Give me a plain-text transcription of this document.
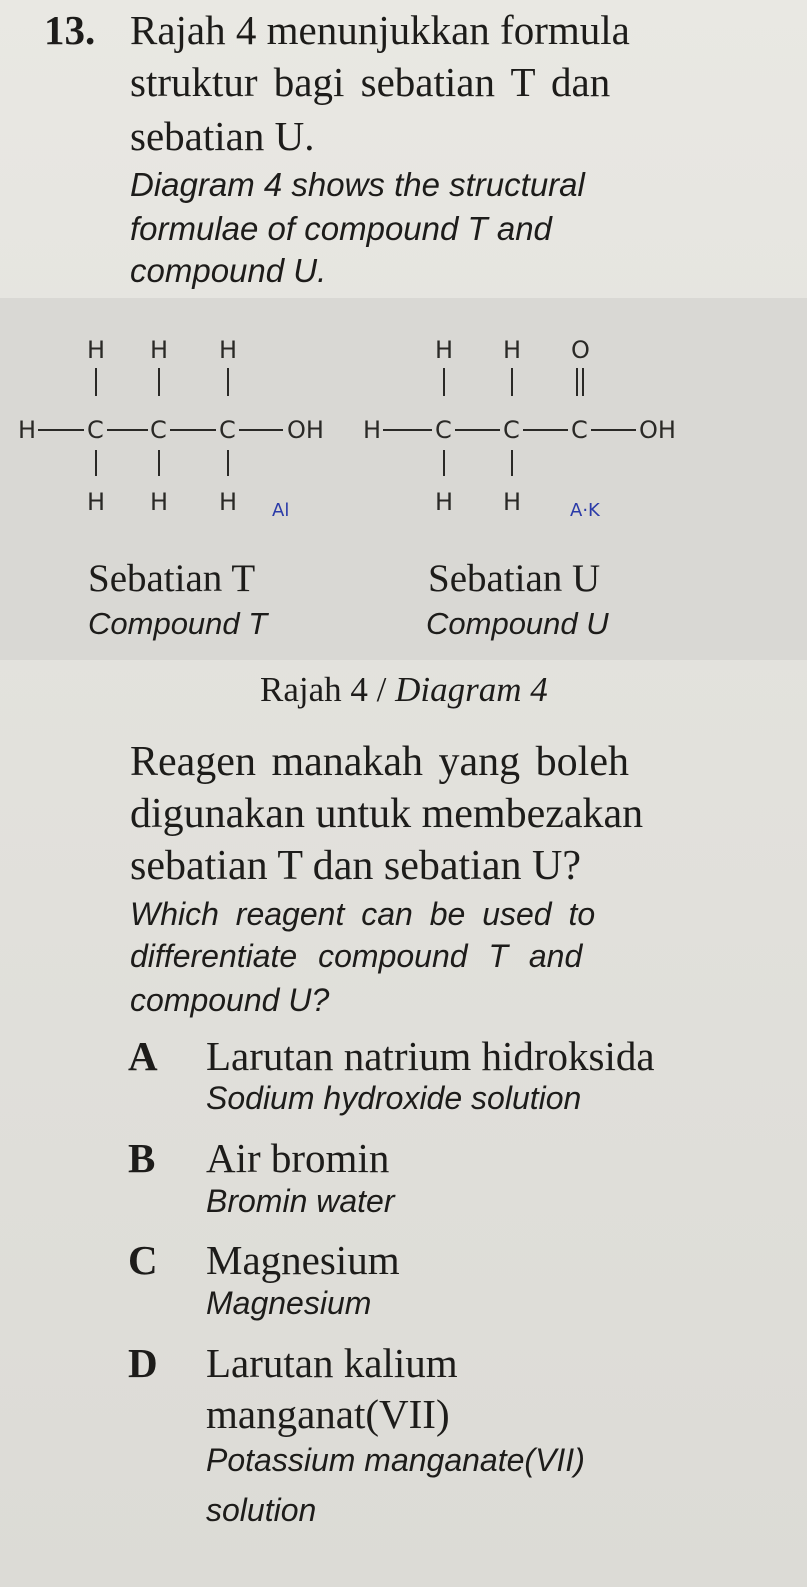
13. Rajah 4 menunjukkan formula
struktur bagi sebatian T dan
sebatian U.
Diagram 4 shows the structural
formulae of compound T and
compound U.
H H H
H C C C OH
H H H Al
H H O
H C C C OH
H H	A·K
Sebatian T
Compound T
Sebatian U
Compound U
Rajah 4 / Diagram 4
Reagen manakah yang boleh
digunakan untuk membezakan
sebatian T dan sebatian U?
Which reagent can be used to
differentiate compound T and
compound U?
A Larutan natrium hidroksida
Sodium hydroxide solution
B Air bromin
Bromin water
C Magnesium
Magnesium
D Larutan kalium
manganat(VII)
Potassium manganate(VII)
solution
